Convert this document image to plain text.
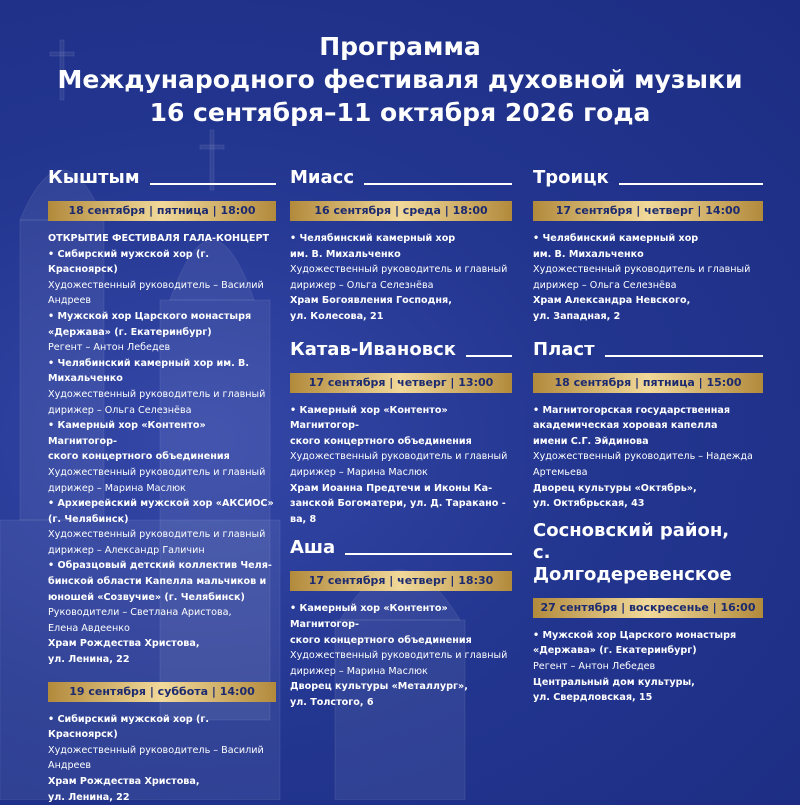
Программа
Международного фестиваля духовной музыки
16 сентября–11 октября 2026 года
Кыштым
18 сентября | пятница | 18:00

ОТКРЫТИЕ ФЕСТИВАЛЯ ГАЛА-КОНЦЕРТ

• Сибирский мужской хор (г. Красноярск)

Художественный руководитель – Василий

Андреев

• Мужской хор Царского монастыря

«Держава» (г. Екатеринбург)

Регент – Антон Лебедев

• Челябинский камерный хор им. В.

Михальченко

Художественный руководитель и главный

дирижер – Ольга Селезнёва

• Камерный хор «Контенто» Магнитогор-

ского концертного объединения

Художественный руководитель и главный

дирижер – Марина Маслюк

• Архиерейский мужской хор «АКСИОС»

(г. Челябинск)

Художественный руководитель и главный

дирижер – Александр Галичин

• Образцовый детский коллектив Челя-

бинской области Капелла мальчиков и

юношей «Созвучие» (г. Челябинск)

Руководители – Светлана Аристова,

Елена Авдеенко

Храм Рождества Христова,

ул. Ленина, 22

19 сентября | суббота | 14:00

• Сибирский мужской хор (г. Красноярск)

Художественный руководитель – Василий

Андреев

Храм Рождества Христова,

ул. Ленина, 22

Миасс
16 сентября | среда | 18:00

• Челябинский камерный хор

им. В. Михальченко

Художественный руководитель и главный

дирижер – Ольга Селезнёва

Храм Богоявления Господня,

ул. Колесова, 21

Катав-Ивановск
17 сентября | четверг | 13:00

• Камерный хор «Контенто» Магнитогор-

ского концертного объединения

Художественный руководитель и главный

дирижер – Марина Маслюк

Храм Иоанна Предтечи и Иконы Ка-

занской Богоматери, ул. Д. Таракано -

ва, 8

Аша
17 сентября | четверг | 18:30

• Камерный хор «Контенто» Магнитогор-

ского концертного объединения

Художественный руководитель и главный

дирижер – Марина Маслюк

Дворец культуры «Металлург»,

ул. Толстого, 6

Троицк
17 сентября | четверг | 14:00

• Челябинский камерный хор

им. В. Михальченко

Художественный руководитель и главный

дирижер – Ольга Селезнёва

Храм Александра Невского,

ул. Западная, 2

Пласт
18 сентября | пятница | 15:00

• Магнитогорская государственная

академическая хоровая капелла

имени С.Г. Эйдинова

Художественный руководитель – Надежда

Артемьева

Дворец культуры «Октябрь»,

ул. Октябрьская, 43

Сосновский район,
с. Долгодеревенское
27 сентября | воскресенье | 16:00

• Мужской хор Царского монастыря

«Держава» (г. Екатеринбург)

Регент – Антон Лебедев

Центральный дом культуры,

ул. Свердловская, 15
